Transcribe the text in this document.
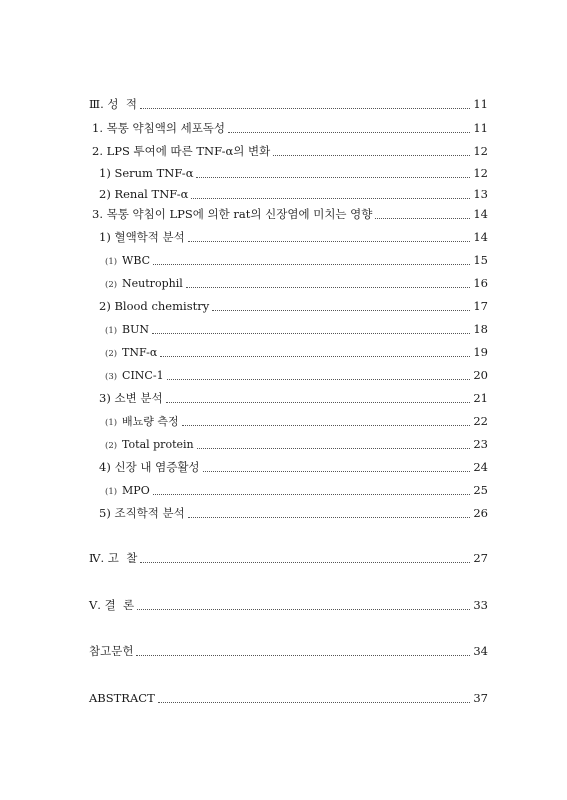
Ⅲ. 성  적	11
1. 목통 약침액의 세포독성	11
2. LPS 투여에 따른 TNF-α의 변화	12
1) Serum TNF-α	12
2) Renal TNF-α	13
3. 목통 약침이 LPS에 의한 rat의 신장염에 미치는 영향	14
1) 혈액학적 분석	14
(1) WBC	15
(2) Neutrophil	16
2) Blood chemistry	17
(1) BUN	18
(2) TNF-α	19
(3) CINC-1	20
3) 소변 분석	21
(1) 배뇨량 측정	22
(2) Total protein	23
4) 신장 내 염증활성	24
(1) MPO	25
5) 조직학적 분석	26
Ⅳ. 고  찰	27
Ⅴ. 결  론	33
참고문헌	34
ABSTRACT	37
